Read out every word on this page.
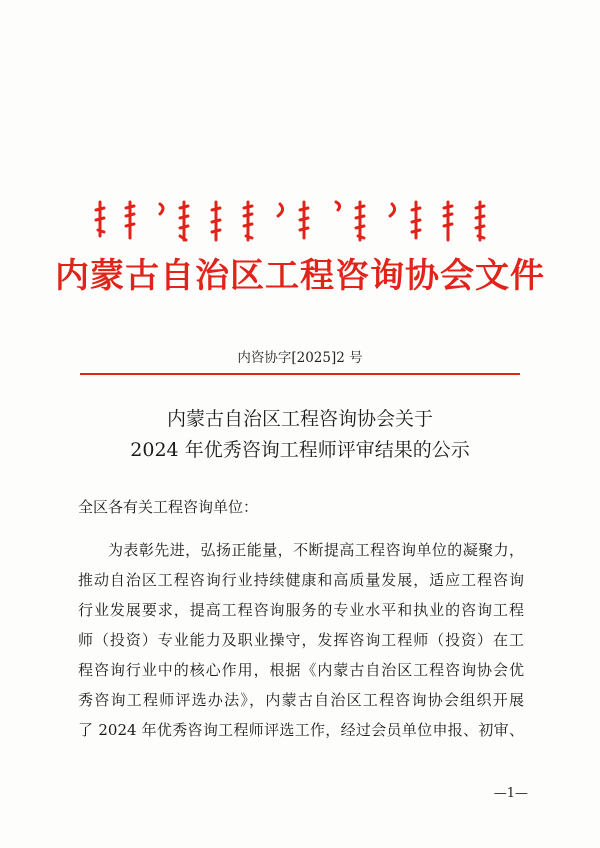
内蒙古自治区工程咨询协会文件
内咨协字[2025]2 号
内蒙古自治区工程咨询协会关于
2024 年优秀咨询工程师评审结果的公示
全区各有关工程咨询单位：
为表彰先进，弘扬正能量，不断提高工程咨询单位的凝聚力，
推动自治区工程咨询行业持续健康和高质量发展，适应工程咨询
行业发展要求，提高工程咨询服务的专业水平和执业的咨询工程
师（投资）专业能力及职业操守，发挥咨询工程师（投资）在工
程咨询行业中的核心作用，根据《内蒙古自治区工程咨询协会优
秀咨询工程师评选办法》，内蒙古自治区工程咨询协会组织开展
了 2024 年优秀咨询工程师评选工作，经过会员单位申报、初审、
—1—
